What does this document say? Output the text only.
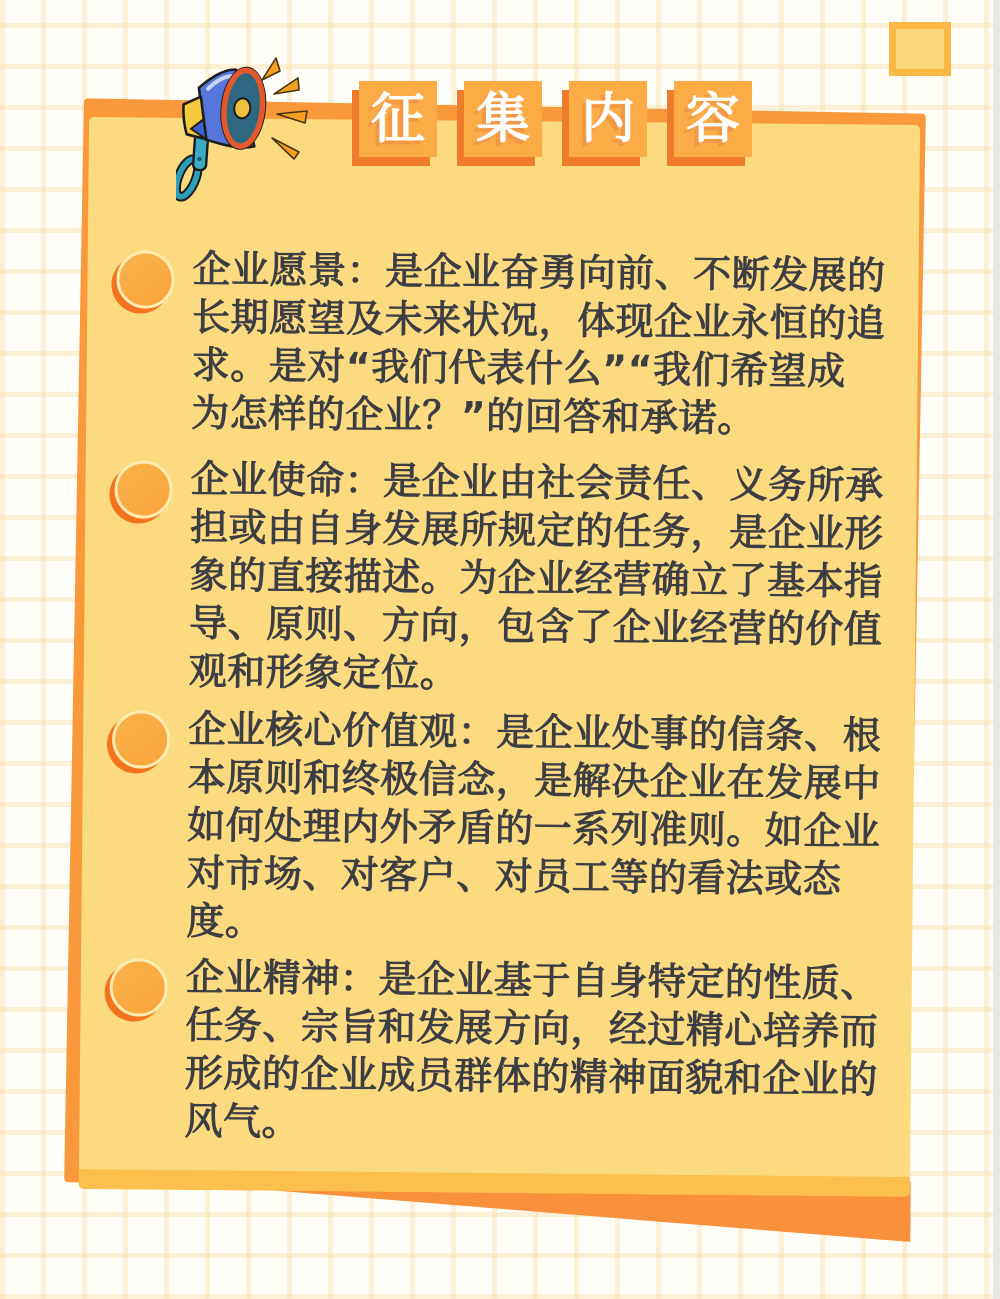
企业愿景：是企业奋勇向前、不断发展的
长期愿望及未来状况，体现企业永恒的追
求。是对“我们代表什么”“我们希望成
为怎样的企业？”的回答和承诺。

企业使命：是企业由社会责任、义务所承
担或由自身发展所规定的任务，是企业形
象的直接描述。为企业经营确立了基本指
导、原则、方向，包含了企业经营的价值
观和形象定位。

企业核心价值观：是企业处事的信条、根
本原则和终极信念，是解决企业在发展中
如何处理内外矛盾的一系列准则。如企业
对市场、对客户、对员工等的看法或态
度。

企业精神：是企业基于自身特定的性质、
任务、宗旨和发展方向，经过精心培养而
形成的企业成员群体的精神面貌和企业的
风气。

征 集 内 容
